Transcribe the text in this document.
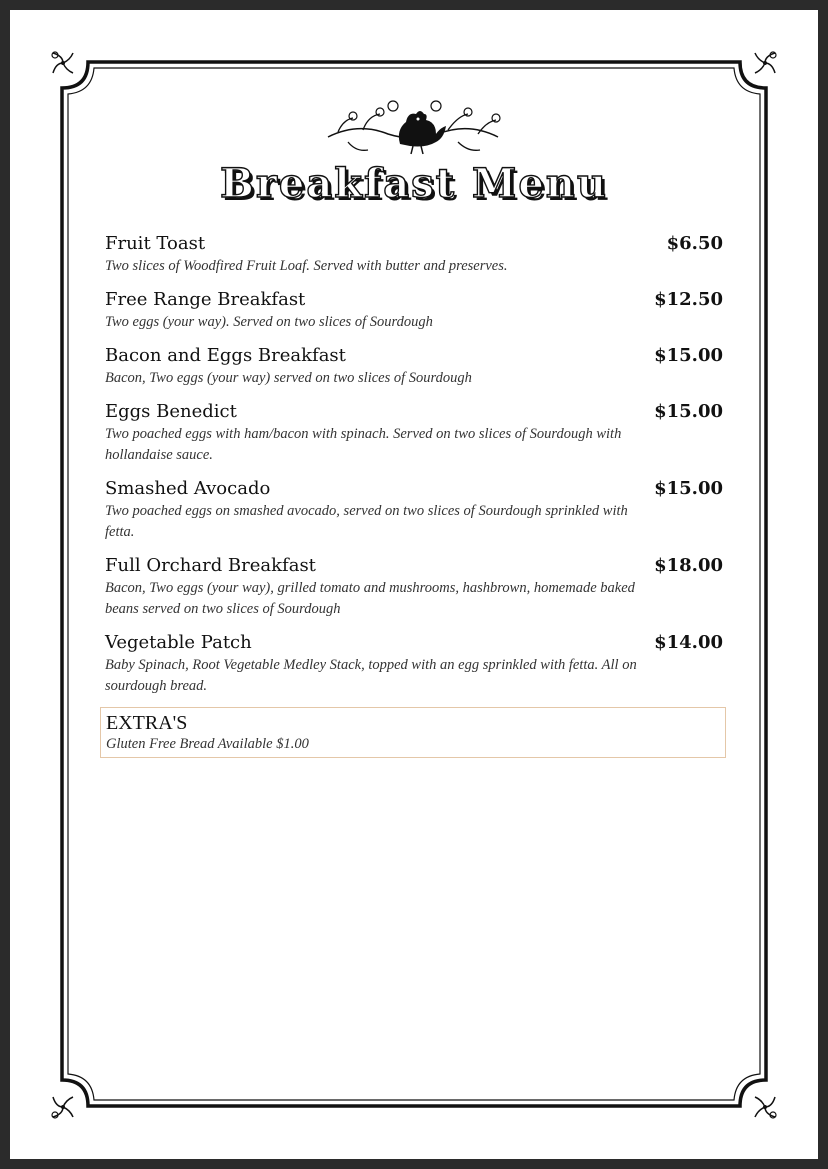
Breakfast Menu
Fruit Toast	$6.50
Two slices of Woodfired Fruit Loaf. Served with butter and preserves.
Free Range Breakfast	$12.50
Two eggs (your way). Served on two slices of Sourdough
Bacon and Eggs Breakfast	$15.00
Bacon, Two eggs (your way) served on two slices of Sourdough
Eggs Benedict	$15.00
Two poached eggs with ham/bacon with spinach. Served on two slices of Sourdough with hollandaise sauce.
Smashed Avocado	$15.00
Two poached eggs on smashed avocado, served on two slices of Sourdough sprinkled with fetta.
Full Orchard Breakfast	$18.00
Bacon, Two eggs (your way), grilled tomato and mushrooms, hashbrown, homemade baked beans served on two slices of Sourdough
Vegetable Patch	$14.00
Baby Spinach, Root Vegetable Medley Stack, topped with an egg sprinkled with fetta. All on sourdough bread.
EXTRA'S
Gluten Free Bread Available $1.00
